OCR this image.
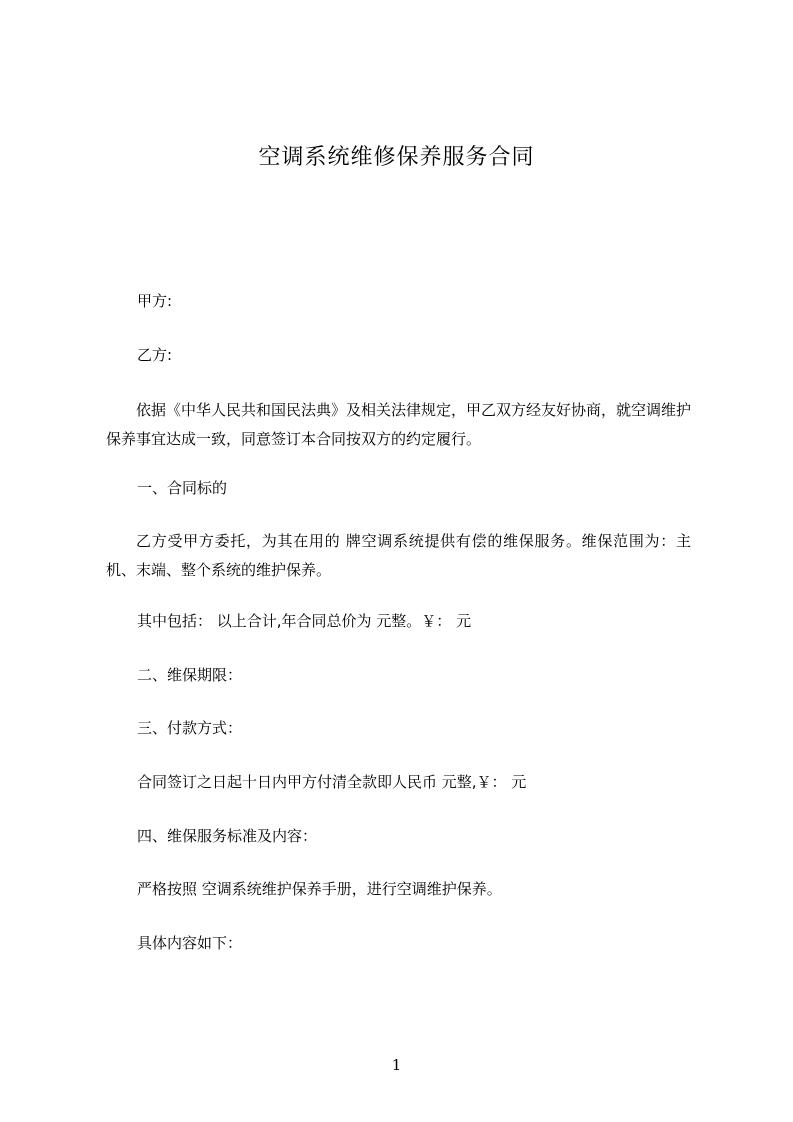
空调系统维修保养服务合同
甲方:
乙方:
依据《中华人民共和国民法典》及相关法律规定，甲乙双方经友好协商，就空调维护保养事宜达成一致，同意签订本合同按双方的约定履行。
一、合同标的
乙方受甲方委托，为其在用的 牌空调系统提供有偿的维保服务。维保范围为：主机、末端、整个系统的维护保养。
其中包括： 以上合计,年合同总价为 元整。￥： 元
二、维保期限：
三、付款方式：
合同签订之日起十日内甲方付清全款即人民币 元整,￥： 元
四、维保服务标准及内容：
严格按照 空调系统维护保养手册，进行空调维护保养。
具体内容如下：
1
